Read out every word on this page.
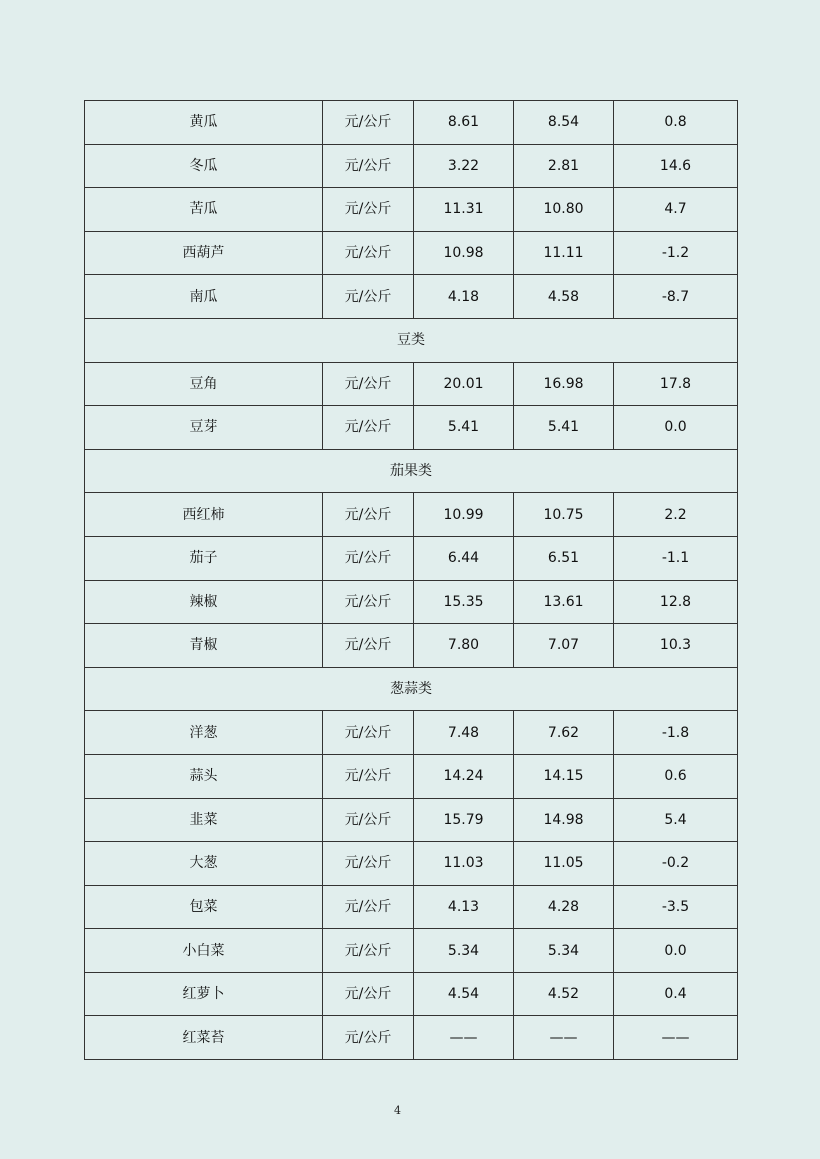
黄瓜	元/公斤	8.61	8.54	0.8
冬瓜	元/公斤	3.22	2.81	14.6
苦瓜	元/公斤	11.31	10.80	4.7
西葫芦	元/公斤	10.98	11.11	-1.2
南瓜	元/公斤	4.18	4.58	-8.7
豆类				
豆角	元/公斤	20.01	16.98	17.8
豆芽	元/公斤	5.41	5.41	0.0
茄果类				
西红柿	元/公斤	10.99	10.75	2.2
茄子	元/公斤	6.44	6.51	-1.1
辣椒	元/公斤	15.35	13.61	12.8
青椒	元/公斤	7.80	7.07	10.3
葱蒜类				
洋葱	元/公斤	7.48	7.62	-1.8
蒜头	元/公斤	14.24	14.15	0.6
韭菜	元/公斤	15.79	14.98	5.4
大葱	元/公斤	11.03	11.05	-0.2
包菜	元/公斤	4.13	4.28	-3.5
小白菜	元/公斤	5.34	5.34	0.0
红萝卜	元/公斤	4.54	4.52	0.4
红菜苔	元/公斤	——	——	——
4
